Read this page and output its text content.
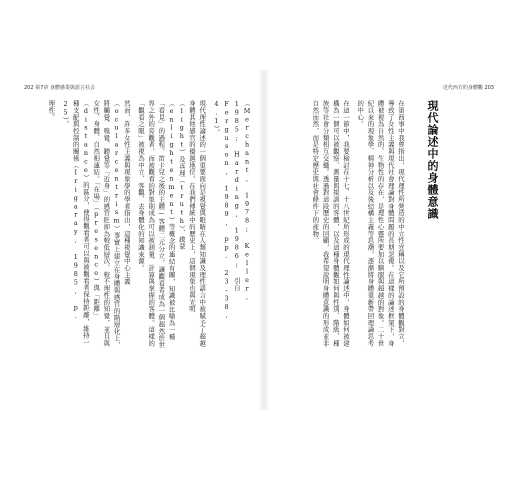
202 第7章 身體感業與語言社会	近代西方的身體觀 203
（Merchant, 1978; Keller, 1985; Harding, 1986; 引自 Ferguson, 1989, pp. 23–38, 4.1）。
現代理性論述的一個重要面向是視覺與眼睛在人類知識及理性語言中被賦予了超越身體其他感官的優越地位。在我們傳統中的歷史上，這個現象也與光明（light）及真理（truth）、啟蒙（enlightenment）等概念的連結有關，知識被比喻為一種「看見」的過程。笛卡兒之後的主體—客體二元分立，讓觀看者成為一個超然於世界之外的旁觀者，而被觀看的對象則成為可以被測量、計算與掌握的客體。這樣的「觀看之眼」被視為中立、客觀、去身體化的知識來源。
然而，許多女性主義與現象學的學者指出，這種視覺中心主義（ocularcentrism）事實上建立在身體與感官的階層化上，將觸覺、嗅覺、聽覺等「近身」的感官貶抑為較低層次、較不理性的知覺，並且與女性、身體、自然相連結。「在場」（presence）與「距離」（distance）的區分，使得觀看者可以與被觀看者保持距離，維持一種支配與控制的關係（Irigaray, 1985, p. 25）。
理性。	在第西事中我曾指出，現代理性所營造的中立性宣稱以及它所預設的身體觀對立，導致了女性主義與現代社會理論對身體問題的長期忽視。在這樣的論述框架下，身體被視為自然的、生物性的存在，是理性心靈所要加以馴服與超越的對象。二十世紀以來的現象學、精神分析以及後結構主義等思潮，逐漸將身體重新帶回理論思考的中心。
在這一節中，我要檢討在十七、十八世紀所形成的現代理性論述中，身體如何被建構為一個可以被觀察、測量與規訓的客體，以及這種身體觀如何與性別、階級、種族等社會分類相互交織。透過對這段歷史的回顧，我希望說明身體意識的形成並非自然而然，而是特定歷史與社會條件下的產物。	現代論述中的身體意識
